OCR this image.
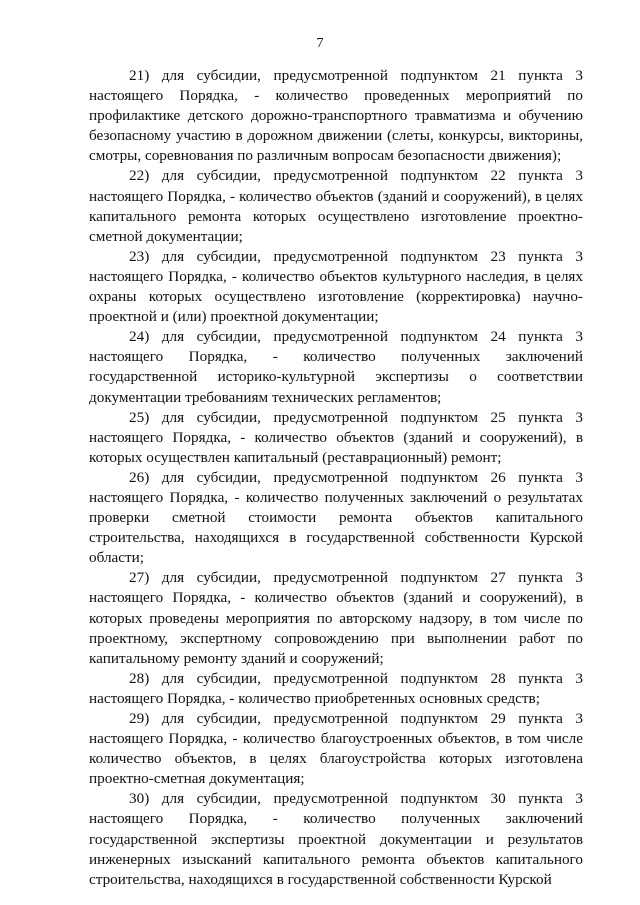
7

21) для субсидии, предусмотренной подпунктом 21 пункта 3 настоящего Порядка, - количество проведенных мероприятий по профилактике детского дорожно-транспортного травматизма и обучению безопасному участию в дорожном движении (слеты, конкурсы, викторины, смотры, соревнования по различным вопросам безопасности движения);

22) для субсидии, предусмотренной подпунктом 22 пункта 3 настоящего Порядка, - количество объектов (зданий и сооружений), в целях капитального ремонта которых осуществлено изготовление проектно-сметной документации;

23) для субсидии, предусмотренной подпунктом 23 пункта 3 настоящего Порядка, - количество объектов культурного наследия, в целях охраны которых осуществлено изготовление (корректировка) научно-проектной и (или) проектной документации;

24) для субсидии, предусмотренной подпунктом 24 пункта 3 настоящего Порядка, - количество полученных заключений государственной историко-культурной экспертизы о соответствии документации требованиям технических регламентов;

25) для субсидии, предусмотренной подпунктом 25 пункта 3 настоящего Порядка, - количество объектов (зданий и сооружений), в которых осуществлен капитальный (реставрационный) ремонт;

26) для субсидии, предусмотренной подпунктом 26 пункта 3 настоящего Порядка, - количество полученных заключений о результатах проверки сметной стоимости ремонта объектов капитального строительства, находящихся в государственной собственности Курской области;

27) для субсидии, предусмотренной подпунктом 27 пункта 3 настоящего Порядка, - количество объектов (зданий и сооружений), в которых проведены мероприятия по авторскому надзору, в том числе по проектному, экспертному сопровождению при выполнении работ по капитальному ремонту зданий и сооружений;

28) для субсидии, предусмотренной подпунктом 28 пункта 3 настоящего Порядка, - количество приобретенных основных средств;

29) для субсидии, предусмотренной подпунктом 29 пункта 3 настоящего Порядка, - количество благоустроенных объектов, в том числе количество объектов, в целях благоустройства которых изготовлена проектно-сметная документация;

30) для субсидии, предусмотренной подпунктом 30 пункта 3 настоящего Порядка, - количество полученных заключений государственной экспертизы проектной документации и результатов инженерных изысканий капитального ремонта объектов капитального строительства, находящихся в государственной собственности Курской
